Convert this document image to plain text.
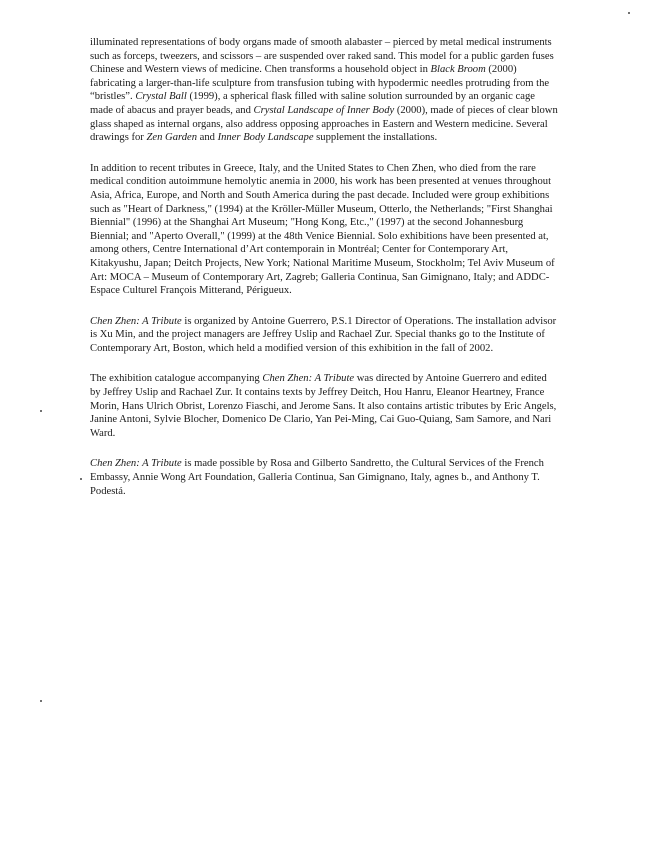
illuminated representations of body organs made of smooth alabaster – pierced by metal medical instruments such as forceps, tweezers, and scissors – are suspended over raked sand. This model for a public garden fuses Chinese and Western views of medicine. Chen transforms a household object in Black Broom (2000) fabricating a larger-than-life sculpture from transfusion tubing with hypodermic needles protruding from the “bristles”. Crystal Ball (1999), a spherical flask filled with saline solution surrounded by an organic cage made of abacus and prayer beads, and Crystal Landscape of Inner Body (2000), made of pieces of clear blown glass shaped as internal organs, also address opposing approaches in Eastern and Western medicine. Several drawings for Zen Garden and Inner Body Landscape supplement the installations.

In addition to recent tributes in Greece, Italy, and the United States to Chen Zhen, who died from the rare medical condition autoimmune hemolytic anemia in 2000, his work has been presented at venues throughout Asia, Africa, Europe, and North and South America during the past decade. Included were group exhibitions such as "Heart of Darkness," (1994) at the Kröller-Müller Museum, Otterlo, the Netherlands; "First Shanghai Biennial" (1996) at the Shanghai Art Museum; "Hong Kong, Etc.," (1997) at the second Johannesburg Biennial; and "Aperto Overall," (1999) at the 48th Venice Biennial. Solo exhibitions have been presented at, among others, Centre International d’Art contemporain in Montréal; Center for Contemporary Art, Kitakyushu, Japan; Deitch Projects, New York; National Maritime Museum, Stockholm; Tel Aviv Museum of Art: MOCA – Museum of Contemporary Art, Zagreb; Galleria Continua, San Gimignano, Italy; and ADDC-Espace Culturel François Mitterand, Périgueux.

Chen Zhen: A Tribute is organized by Antoine Guerrero, P.S.1 Director of Operations. The installation advisor is Xu Min, and the project managers are Jeffrey Uslip and Rachael Zur. Special thanks go to the Institute of Contemporary Art, Boston, which held a modified version of this exhibition in the fall of 2002.

The exhibition catalogue accompanying Chen Zhen: A Tribute was directed by Antoine Guerrero and edited by Jeffrey Uslip and Rachael Zur. It contains texts by Jeffrey Deitch, Hou Hanru, Eleanor Heartney, France Morin, Hans Ulrich Obrist, Lorenzo Fiaschi, and Jerome Sans. It also contains artistic tributes by Eric Angels, Janine Antoni, Sylvie Blocher, Domenico De Clario, Yan Pei-Ming, Cai Guo-Quiang, Sam Samore, and Nari Ward.

Chen Zhen: A Tribute is made possible by Rosa and Gilberto Sandretto, the Cultural Services of the French Embassy, Annie Wong Art Foundation, Galleria Continua, San Gimignano, Italy, agnes b., and Anthony T. Podestá.
